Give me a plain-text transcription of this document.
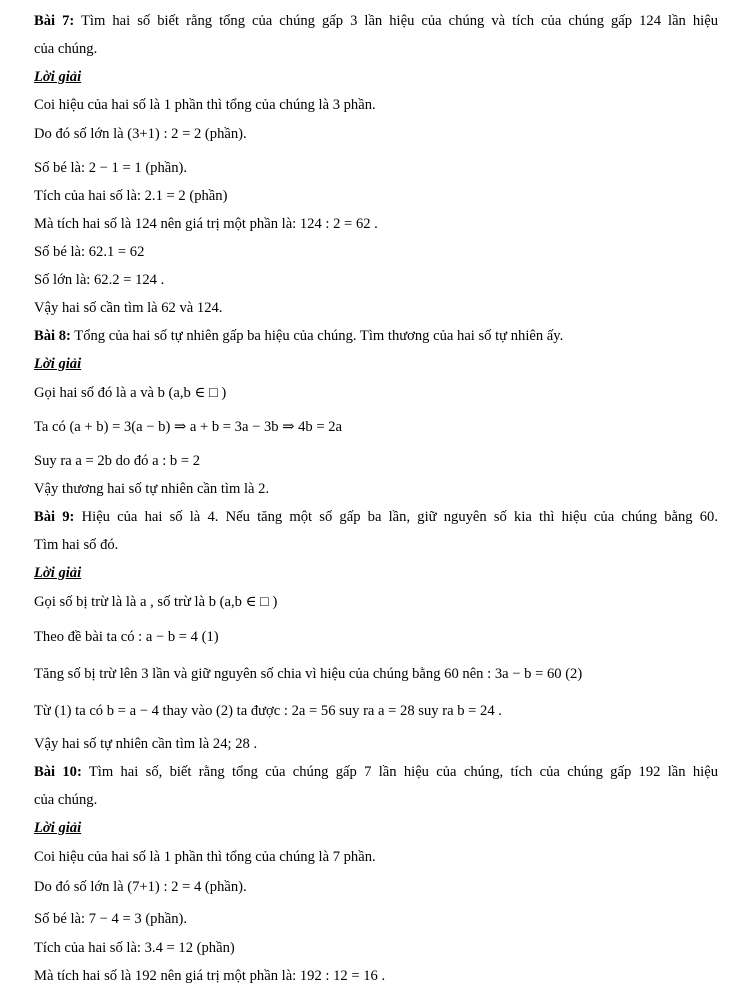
Bài 7: Tìm hai số biết rằng tổng của chúng gấp 3 lần hiệu của chúng và tích của chúng gấp 124 lần hiệu
của chúng.
Lời giải
Coi hiệu của hai số là 1 phần thì tổng của chúng là 3 phần.
Do đó số lớn là (3+1) : 2 = 2 (phần).
Số bé là: 2 − 1 = 1 (phần).
Tích của hai số là: 2.1 = 2 (phần)
Mà tích hai số là 124 nên giá trị một phần là: 124 : 2 = 62 .
Số bé là: 62.1 = 62
Số lớn là: 62.2 = 124 .
Vậy hai số cần tìm là 62 và 124.
Bài 8: Tổng của hai số tự nhiên gấp ba hiệu của chúng. Tìm thương của hai số tự nhiên ấy.
Lời giải
Gọi hai số đó là a và b (a,b ∈ □ )
Ta có (a + b) = 3(a − b) ⇒ a + b = 3a − 3b ⇒ 4b = 2a
Suy ra a = 2b do đó a : b = 2
Vậy thương hai số tự nhiên cần tìm là 2.
Bài 9: Hiệu của hai số là 4. Nếu tăng một số gấp ba lần, giữ nguyên số kia thì hiệu của chúng bằng 60.
Tìm hai số đó.
Lời giải
Gọi số bị trừ là là a , số trừ là b (a,b ∈ □ )
Theo đề bài ta có : a − b = 4 (1)
Tăng số bị trừ lên 3 lần và giữ nguyên số chia vì hiệu của chúng bằng 60 nên : 3a − b = 60 (2)
Từ (1) ta có b = a − 4 thay vào (2) ta được : 2a = 56 suy ra a = 28 suy ra b = 24 .
Vậy hai số tự nhiên cần tìm là 24; 28 .
Bài 10: Tìm hai số, biết rằng tổng của chúng gấp 7 lần hiệu của chúng, tích của chúng gấp 192 lần hiệu
của chúng.
Lời giải
Coi hiệu của hai số là 1 phần thì tổng của chúng là 7 phần.
Do đó số lớn là (7+1) : 2 = 4 (phần).
Số bé là: 7 − 4 = 3 (phần).
Tích của hai số là: 3.4 = 12 (phần)
Mà tích hai số là 192 nên giá trị một phần là: 192 : 12 = 16 .
